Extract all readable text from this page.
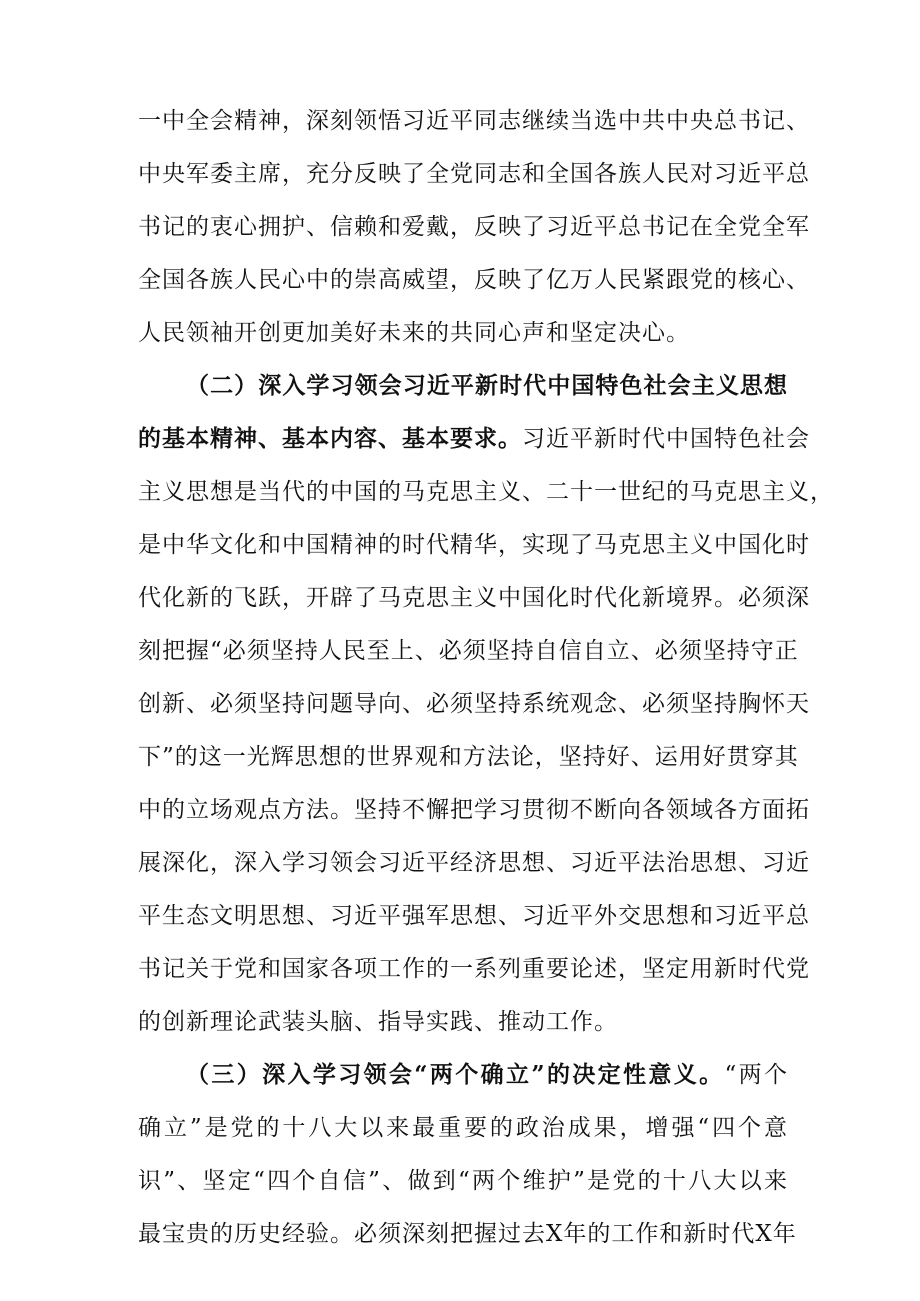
一中全会精神，深刻领悟习近平同志继续当选中共中央总书记、
中央军委主席，充分反映了全党同志和全国各族人民对习近平总
书记的衷心拥护、信赖和爱戴，反映了习近平总书记在全党全军
全国各族人民心中的崇高威望，反映了亿万人民紧跟党的核心、
人民领袖开创更加美好未来的共同心声和坚定决心。
（二）深入学习领会习近平新时代中国特色社会主义思想
的基本精神、基本内容、基本要求。习近平新时代中国特色社会
主义思想是当代的中国的马克思主义、二十一世纪的马克思主义，
是中华文化和中国精神的时代精华，实现了马克思主义中国化时
代化新的飞跃，开辟了马克思主义中国化时代化新境界。必须深
刻把握“必须坚持人民至上、必须坚持自信自立、必须坚持守正
创新、必须坚持问题导向、必须坚持系统观念、必须坚持胸怀天
下”的这一光辉思想的世界观和方法论，坚持好、运用好贯穿其
中的立场观点方法。坚持不懈把学习贯彻不断向各领域各方面拓
展深化，深入学习领会习近平经济思想、习近平法治思想、习近
平生态文明思想、习近平强军思想、习近平外交思想和习近平总
书记关于党和国家各项工作的一系列重要论述，坚定用新时代党
的创新理论武装头脑、指导实践、推动工作。
（三）深入学习领会“两个确立”的决定性意义。“两个
确立”是党的十八大以来最重要的政治成果，增强“四个意
识”、坚定“四个自信”、做到“两个维护”是党的十八大以来
最宝贵的历史经验。必须深刻把握过去X年的工作和新时代X年
